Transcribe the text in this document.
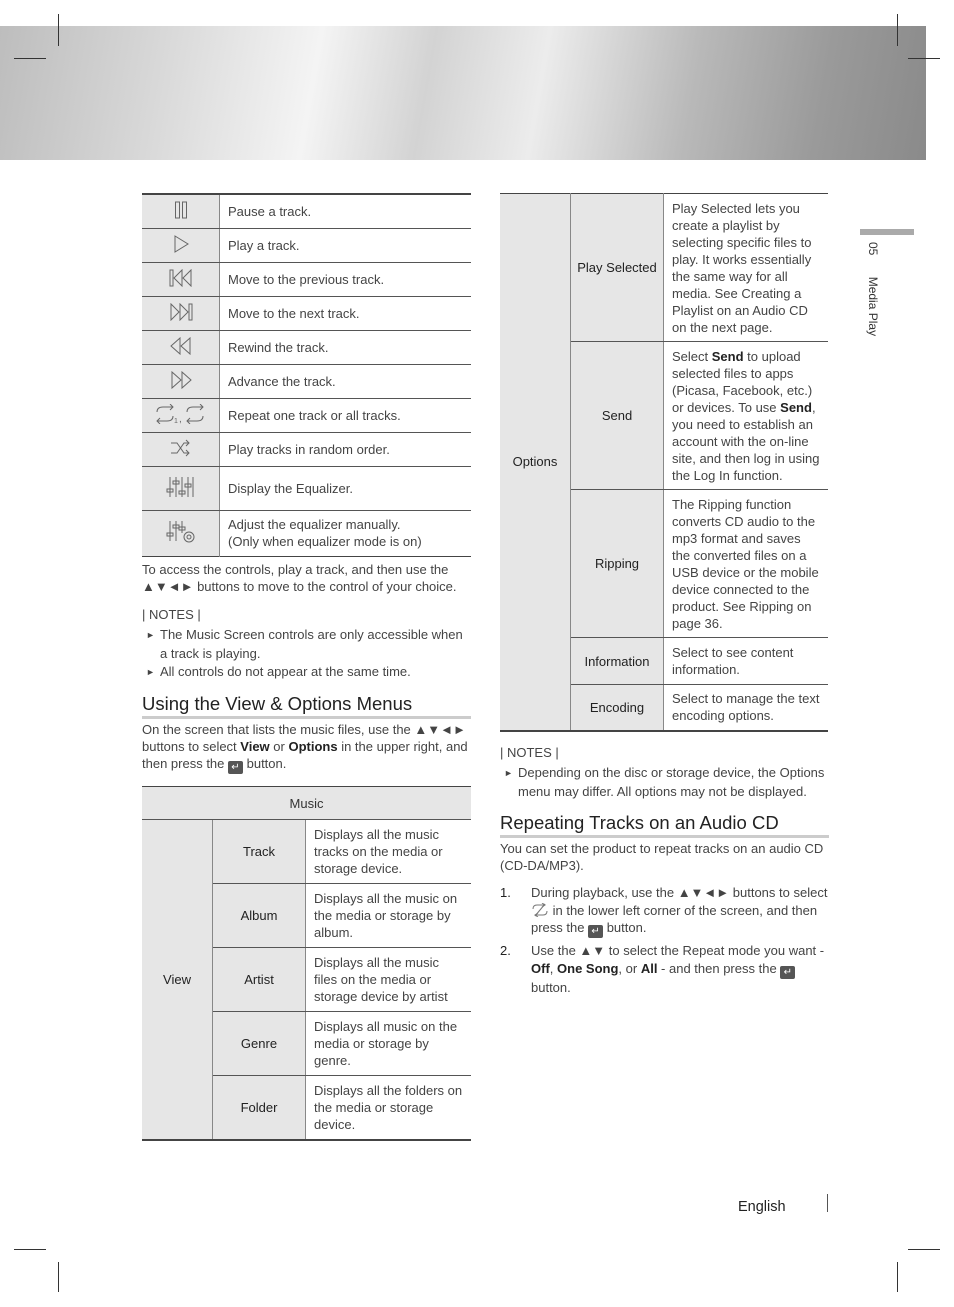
05 Media Play
	Pause a track.
	Play a track.
	Move to the previous track.
	Move to the next track.
	Rewind the track.
	Advance the track.

1 ,	Repeat one track or all tracks.
	Play tracks in random order.
	Display the Equalizer.
	Adjust the equalizer manually.
(Only when equalizer mode is on)
To access the controls, play a track, and then use the
▲▼◄► buttons to move to the control of your choice.
| NOTES |
► The Music Screen controls are only accessible when a track is playing.
► All controls do not appear at the same time.
Using the View & Options Menus
On the screen that lists the music files, use the ▲▼◄► buttons to select View or Options in the upper right, and then press the ↵ button.
Music		
View	Track	Displays all the music tracks on the media or storage device.
	Album	Displays all the music on the media or storage by album.
	Artist	Displays all the music files on the media or storage device by artist
	Genre	Displays all music on the media or storage by genre.
	Folder	Displays all the folders on the media or storage device.
Options	Play Selected	Play Selected lets you create a playlist by selecting specific files to play. It works essentially the same way for all media. See Creating a Playlist on an Audio CD on the next page.
	Send	Select Send to upload selected files to apps (Picasa, Facebook, etc.) or devices. To use Send, you need to establish an account with the on-line site, and then log in using the Log In function.
	Ripping	The Ripping function converts CD audio to the mp3 format and saves the converted files on a USB device or the mobile device connected to the product. See Ripping on page 36.
	Information	Select to see content information.
	Encoding	Select to manage the text encoding options.
| NOTES |
► Depending on the disc or storage device, the Options menu may differ. All options may not be displayed.
Repeating Tracks on an Audio CD
You can set the product to repeat tracks on an audio CD (CD-DA/MP3).
1. During playback, use the ▲▼◄► buttons to select  in the lower left corner of the screen, and then press the ↵ button.
2. Use the ▲▼ to select the Repeat mode you want - Off, One Song, or All - and then press the ↵ button.
English
